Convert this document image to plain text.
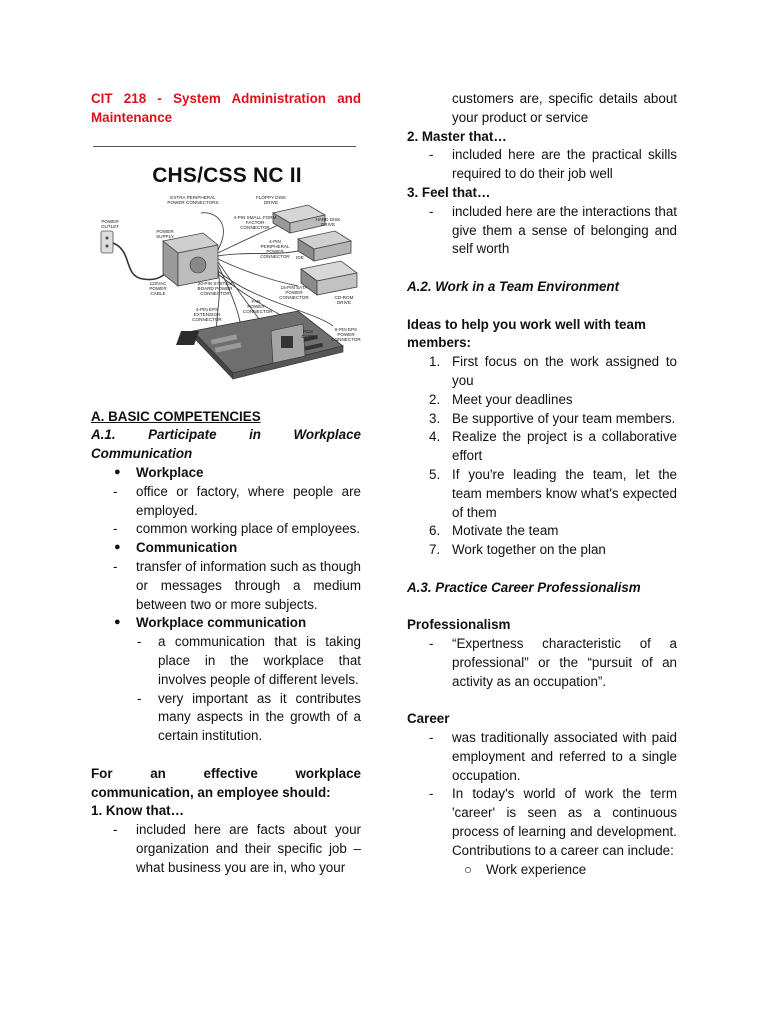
CIT 218 - System Administration and Maintenance
CHS/CSS NC II
POWER OUTLET
POWER SUPPLY
120VAC POWER CABLE
EXTRA PERIPHERAL POWER CONNECTORS
FLOPPY DISK DRIVE
4-PIN SMALL FORM FACTOR CONNECTOR
4-PIN PERIPHERAL POWER CONNECTOR
HARD DISK DRIVE
IDE
20-PIN SYSTEM BOARD POWER CONNECTOR
15-PIN SATA POWER CONNECTOR	CD-ROM DRIVE
4-PIN EPS EXTENSION CONNECTOR
FAN POWER CONNECTOR
PCIe CARD
8-PIN EPS POWER CONNECTOR
A. BASIC COMPETENCIES
A.1. Participate in Workplace
Communication
● Workplace
- office or factory, where people are employed.
- common working place of employees.
● Communication
- transfer of information such as though or messages through a medium between two or more subjects.
● Workplace communication
- a communication that is taking place in the workplace that involves people of different levels.
- very important as it contributes many aspects in the growth of a certain institution.
For an effective workplace communication, an employee should:
1. Know that…
- included here are facts about your organization and their specific job – what business you are in, who your
customers are, specific details about your product or service
2. Master that…
- included here are the practical skills required to do their job well
3. Feel that…
- included here are the interactions that give them a sense of belonging and self worth
A.2. Work in a Team Environment
Ideas to help you work well with team members:
1. First focus on the work assigned to you
2. Meet your deadlines
3. Be supportive of your team members.
4. Realize the project is a collaborative effort
5. If you're leading the team, let the team members know what's expected of them
6. Motivate the team
7. Work together on the plan
A.3. Practice Career Professionalism
Professionalism
- “Expertness characteristic of a professional” or the “pursuit of an activity as an occupation”.
Career
- was traditionally associated with paid employment and referred to a single occupation.
- In today's world of work the term 'career' is seen as a continuous process of learning and development. Contributions to a career can include:
○ Work experience
